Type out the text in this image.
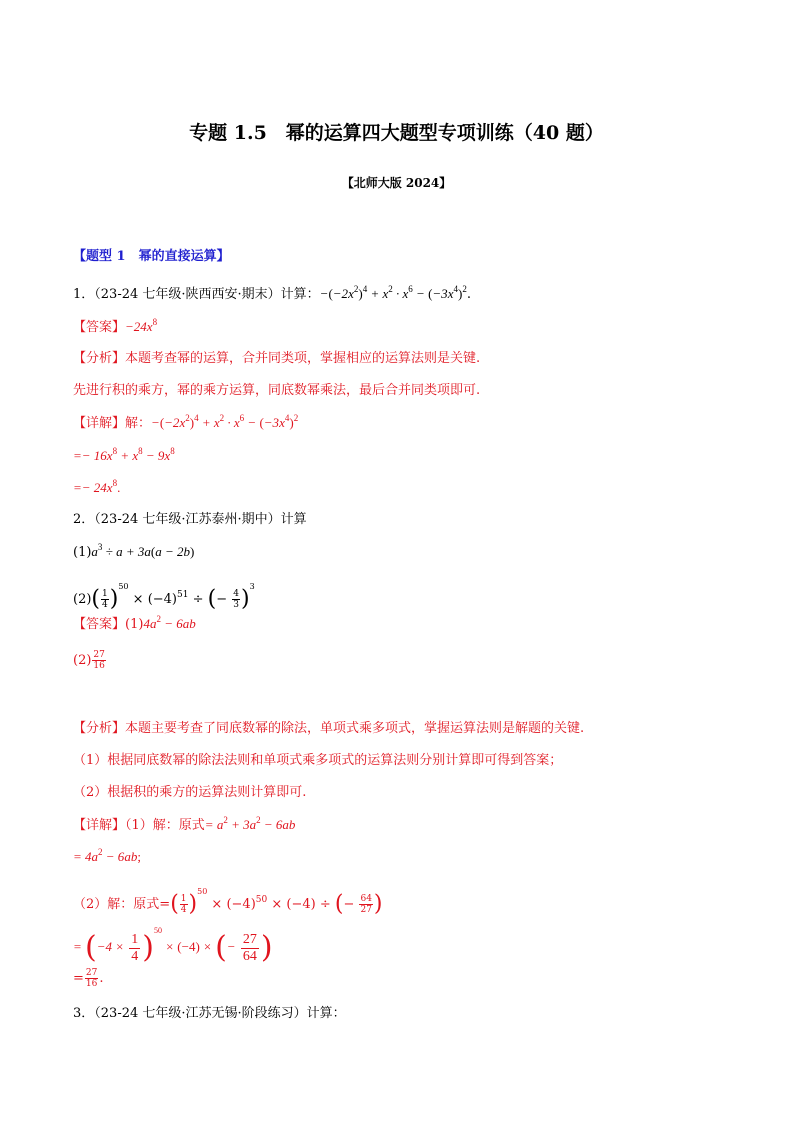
专题 1.5　幂的运算四大题型专项训练（40 题）
【北师大版 2024】
【题型 1　幂的直接运算】
1．（23-24 七年级·陕西西安·期末）计算：$-(-2x^2)^4 + x^2 \cdot x^6 - (-3x^4)^2$.
【答案】$-24x^8$
【分析】本题考查幂的运算，合并同类项，掌握相应的运算法则是关键.
先进行积的乘方，幂的乘方运算，同底数幂乘法，最后合并同类项即可.
【详解】解：$-(-2x^2)^4 + x^2 \cdot x^6 - (-3x^4)^2$
=− $16x^8 + x^8 - 9x^8$
=− $24x^8$.
2．（23-24 七年级·江苏泰州·期中）计算
$(1)a^3 \div a + 3a(a - 2b)$
$(2)( \frac{1}{4} )^{50} \times (-4)^{51}$ ÷ (− $\frac{4}{3} )^3$
【答案】$(1)4a^2 - 6ab$
$(2) \frac{27}{16}$
【分析】本题主要考查了同底数幂的除法，单项式乘多项式，掌握运算法则是解题的关键.
（1）根据同底数幂的除法法则和单项式乘多项式的运算法则分别计算即可得到答案；
（2）根据积的乘方的运算法则计算即可.
【详解】（1）解：原式= $a^2 + 3a^2 - 6ab$
= $4a^2 - 6ab$;
（2）解：原式=( $\frac{1}{4} )^{50} \times (-4)^{50} \times (-4)$ ÷ (− $\frac{64}{27}$ )
= $(-4 \times \frac{1}{4} )^{50} \times (-4)$ × (− $\frac{27}{64}$ )
= $\frac{27}{16}$ .
3．（23-24 七年级·江苏无锡·阶段练习）计算：
